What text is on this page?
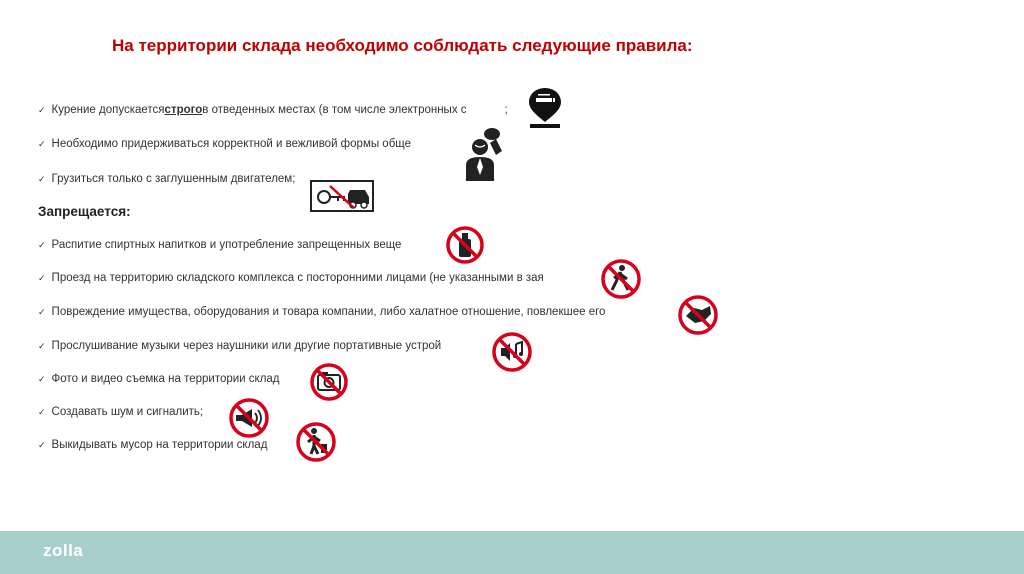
На территории склада необходимо соблюдать следующие правила:
✓ Курение допускается строго в отведенных местах (в том числе электронных с	;
✓ Необходимо придерживаться корректной и вежливой формы обще
✓ Грузиться только с заглушенным двигателем;
Запрещается:
✓ Распитие спиртных напитков и употребление запрещенных веще
✓ Проезд на территорию складского комплекса с посторонними лицами (не указанными в зая
✓ Повреждение имущества, оборудования и товара компании, либо халатное отношение, повлекшее его
✓ Прослушивание музыки через наушники или другие портативные устрой
✓ Фото и видео съемка на территории склад
✓ Создавать шум и сигналить;
✓ Выкидывать мусор на территории склад
zolla
